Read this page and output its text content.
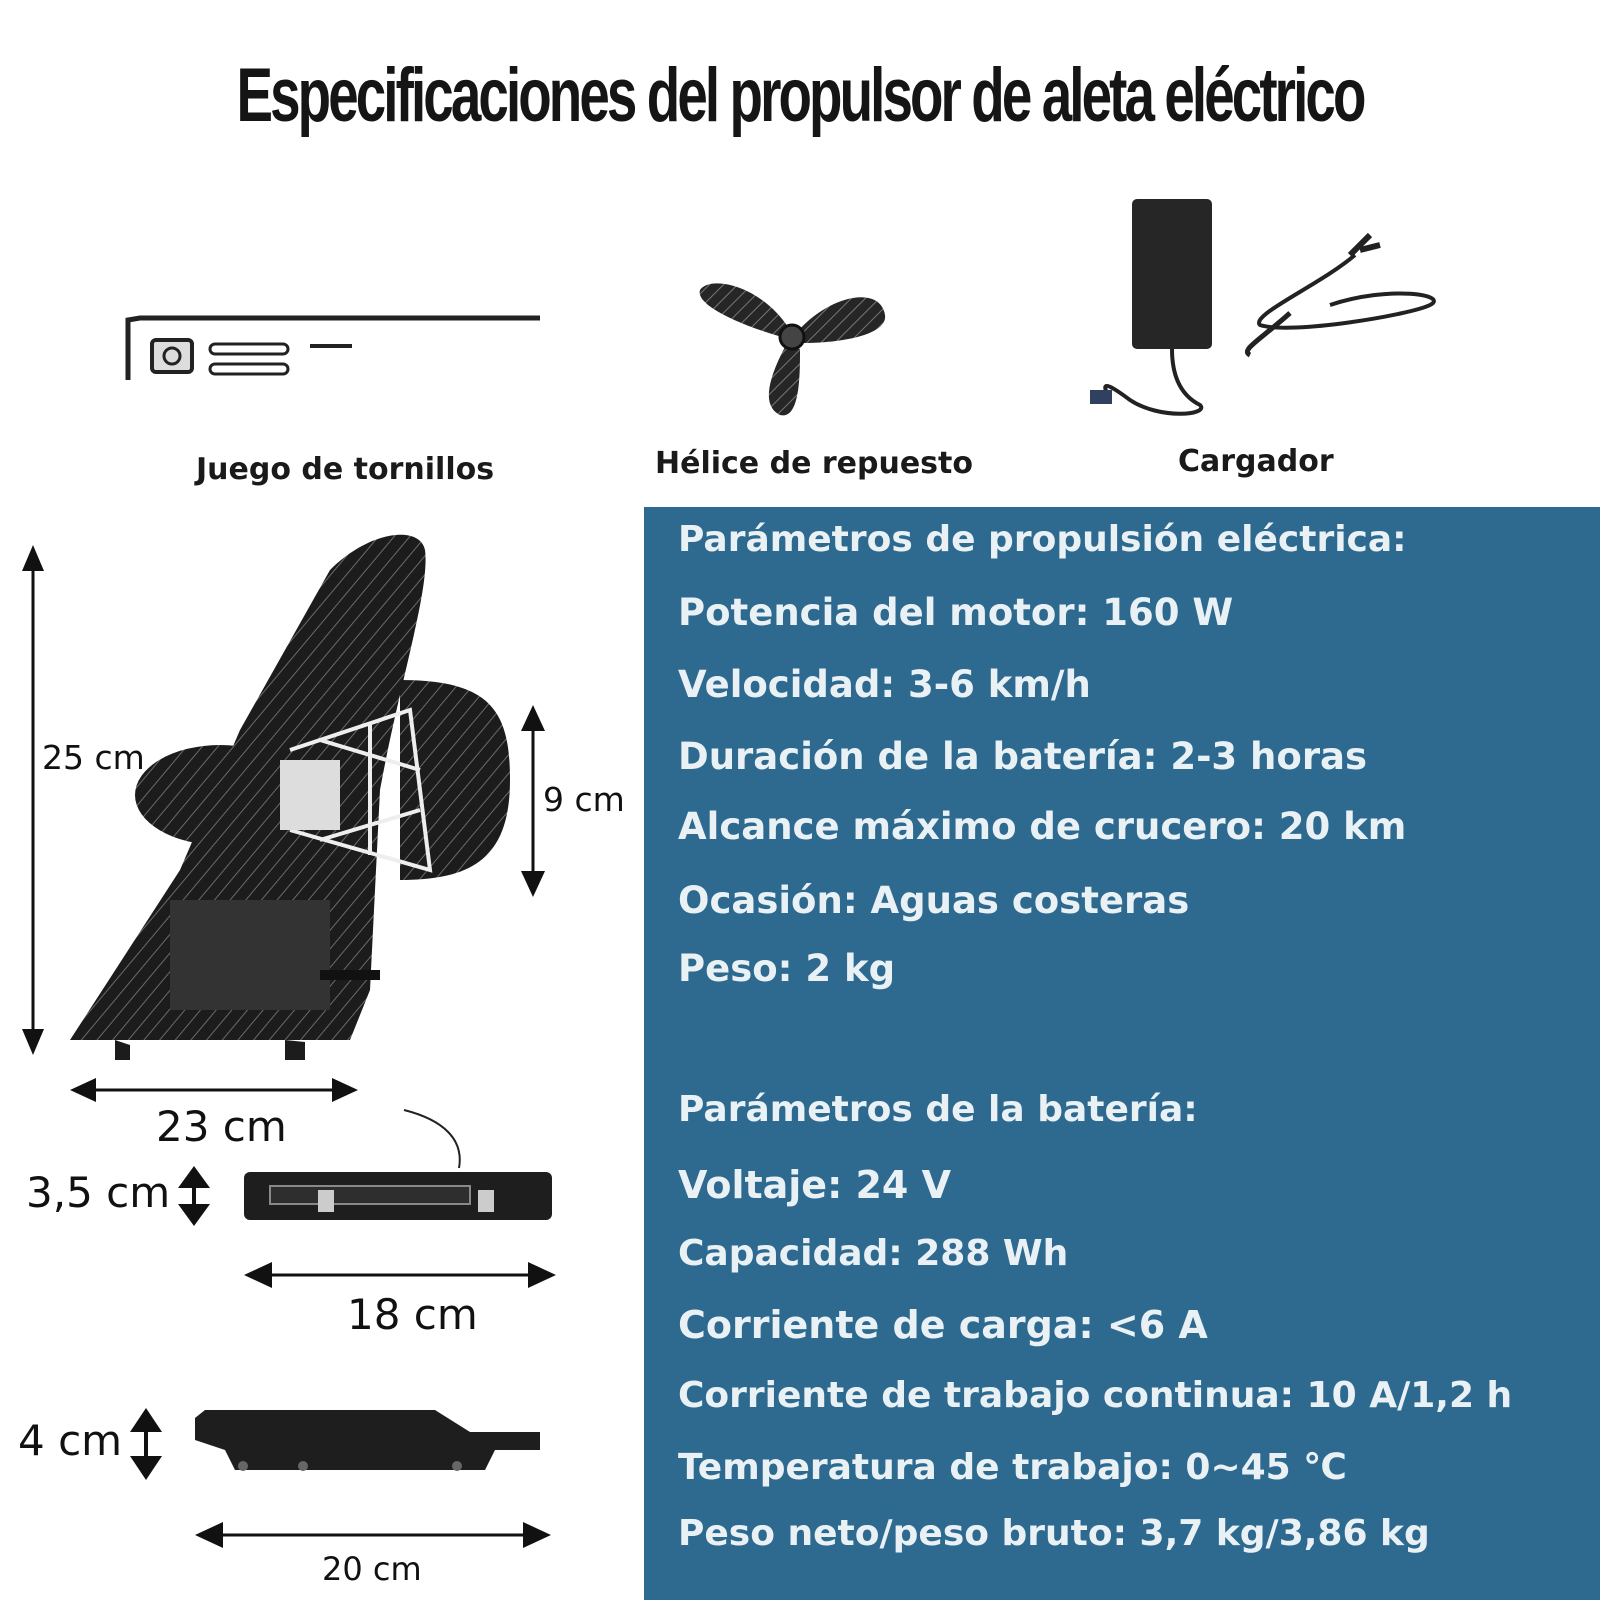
Especificaciones del propulsor de aleta eléctrico
Juego de tornillos	Hélice de repuesto	Cargador
25 cm
9 cm
23 cm
3,5 cm
18 cm
4 cm
20 cm
Parámetros de propulsión eléctrica:
Potencia del motor: 160 W
Velocidad: 3-6 km/h
Duración de la batería: 2-3 horas
Alcance máximo de crucero: 20 km
Ocasión: Aguas costeras
Peso: 2 kg
Parámetros de la batería:
Voltaje: 24 V
Capacidad: 288 Wh
Corriente de carga: <6 A
Corriente de trabajo continua: 10 A/1,2 h
Temperatura de trabajo: 0~45 ℃
Peso neto/peso bruto: 3,7 kg/3,86 kg
